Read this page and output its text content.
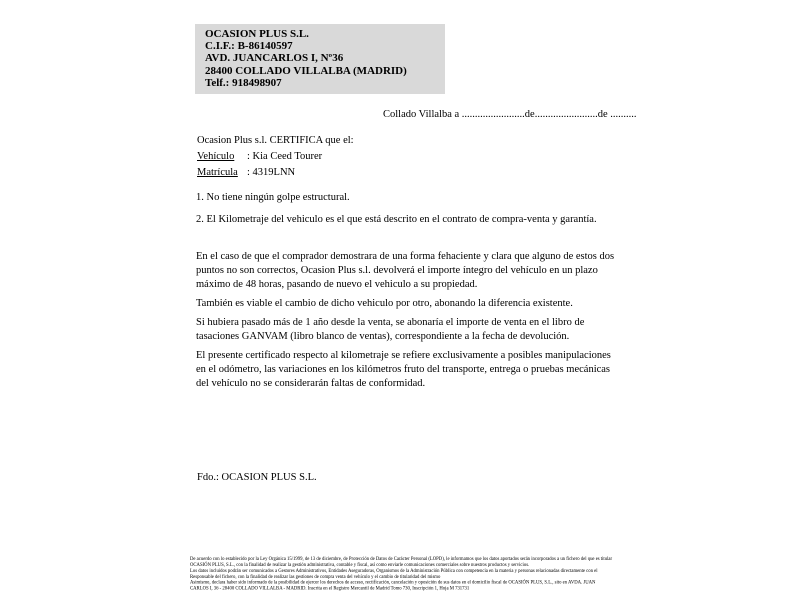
OCASION PLUS S.L.
C.I.F.: B-86140597
AVD. JUANCARLOS I, Nº36
28400 COLLADO VILLALBA (MADRID)
Telf.: 918498907
Collado Villalba a ........................de........................de ..........
Ocasion Plus s.l. CERTIFICA que el:
Vehículo : Kia Ceed Tourer
Matrícula : 4319LNN
1. No tiene ningún golpe estructural.
2. El Kilometraje del vehiculo es el que está descrito en el contrato de compra-venta y garantía.

En el caso de que el comprador demostrara de una forma fehaciente y clara que alguno de estos dos puntos no son correctos, Ocasion Plus s.l. devolverá el importe íntegro del vehículo en un plazo máximo de 48 horas, pasando de nuevo el vehiculo a su propiedad.

También es viable el cambio de dicho vehiculo por otro, abonando la diferencia existente.

Si hubiera pasado más de 1 año desde la venta, se abonaría el importe de venta en el libro de tasaciones GANVAM (libro blanco de ventas), correspondiente a la fecha de devolución.

El presente certificado respecto al kilometraje se refiere exclusivamente a posibles manipulaciones en el odómetro, las variaciones en los kilómetros fruto del transporte, entrega o pruebas mecánicas del vehículo no se considerarán faltas de conformidad.

Fdo.: OCASION PLUS S.L.
De acuerdo con lo establecido por la Ley Orgánica 15/1999, de 13 de diciembre, de Protección de Datos de Carácter Personal (LOPD), le informamos que los datos aportados serán incorporados a un fichero del que es titular
OCASIÓN PLUS, S.L., con la finalidad de realizar la gestión administrativa, contable y fiscal, así como enviarle comunicaciones comerciales sobre nuestros productos y servicios.
Los datos incluidos podrán ser comunicados a Gestores Administrativos, Entidades Aseguradoras, Organismos de la Administración Pública con competencia en la materia y personas relacionadas directamente con el
Responsable del fichero, con la finalidad de realizar las gestiones de compra venta del vehículo y el cambio de titularidad del mismo
Asimismo, declara haber sido informado de la posibilidad de ejercer los derechos de acceso, rectificación, cancelación y oposición de sus datos en el domicilio fiscal de OCASIÓN PLUS, S.L., sito en AVDA. JUAN
CARLOS I, 36 - 28400 COLLADO VILLALBA - MADRID. Inscrita en el Registro Mercantil de Madrid Tomo 730, Inscripción 1, Hoja M 731731
